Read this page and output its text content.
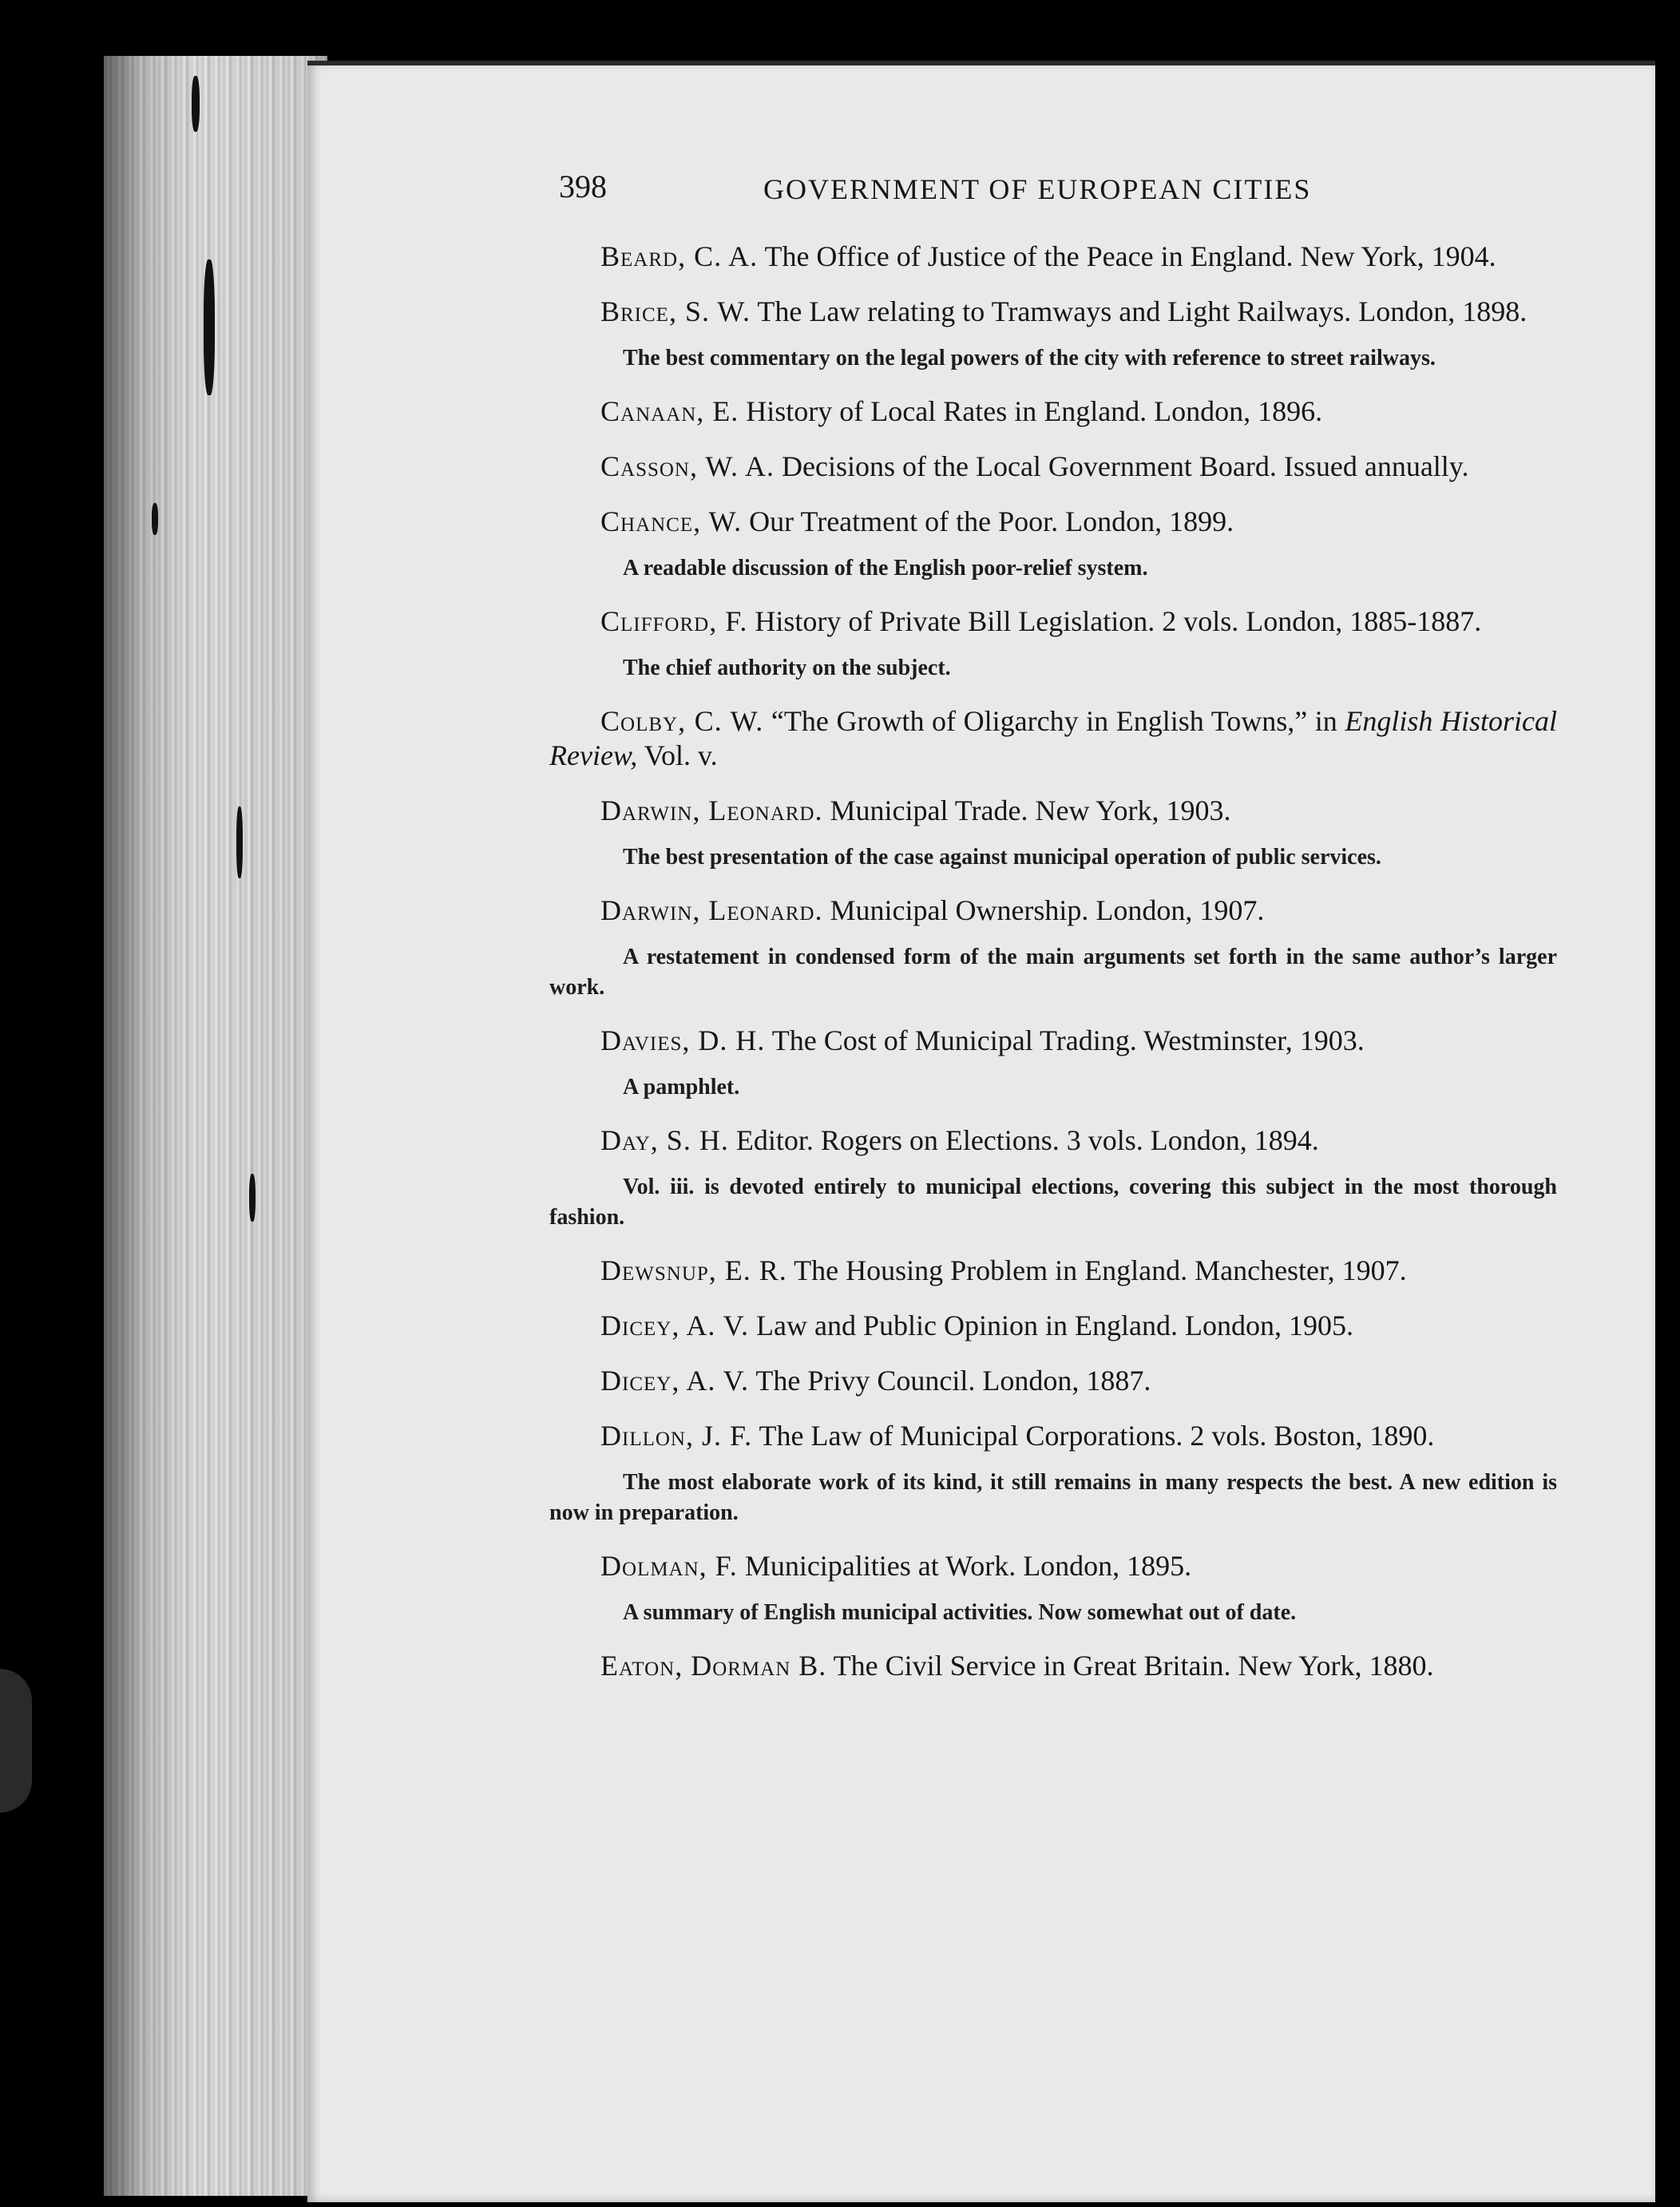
398	GOVERNMENT OF EUROPEAN CITIES

Beard, C. A. The Office of Justice of the Peace in England. New York, 1904.

Brice, S. W. The Law relating to Tramways and Light Railways. London, 1898.

The best commentary on the legal powers of the city with reference to street railways.

Canaan, E. History of Local Rates in England. London, 1896.

Casson, W. A. Decisions of the Local Government Board. Issued annually.

Chance, W. Our Treatment of the Poor. London, 1899.

A readable discussion of the English poor-relief system.

Clifford, F. History of Private Bill Legislation. 2 vols. London, 1885-1887.

The chief authority on the subject.

Colby, C. W. “The Growth of Oligarchy in English Towns,” in English Historical Review, Vol. v.

Darwin, Leonard. Municipal Trade. New York, 1903.

The best presentation of the case against municipal operation of public services.

Darwin, Leonard. Municipal Ownership. London, 1907.

A restatement in condensed form of the main arguments set forth in the same author’s larger work.

Davies, D. H. The Cost of Municipal Trading. Westminster, 1903.

A pamphlet.

Day, S. H. Editor. Rogers on Elections. 3 vols. London, 1894.

Vol. iii. is devoted entirely to municipal elections, covering this subject in the most thorough fashion.

Dewsnup, E. R. The Housing Problem in England. Manchester, 1907.

Dicey, A. V. Law and Public Opinion in England. London, 1905.

Dicey, A. V. The Privy Council. London, 1887.

Dillon, J. F. The Law of Municipal Corporations. 2 vols. Boston, 1890.

The most elaborate work of its kind, it still remains in many respects the best. A new edition is now in preparation.

Dolman, F. Municipalities at Work. London, 1895.

A summary of English municipal activities. Now somewhat out of date.

Eaton, Dorman B. The Civil Service in Great Britain. New York, 1880.
